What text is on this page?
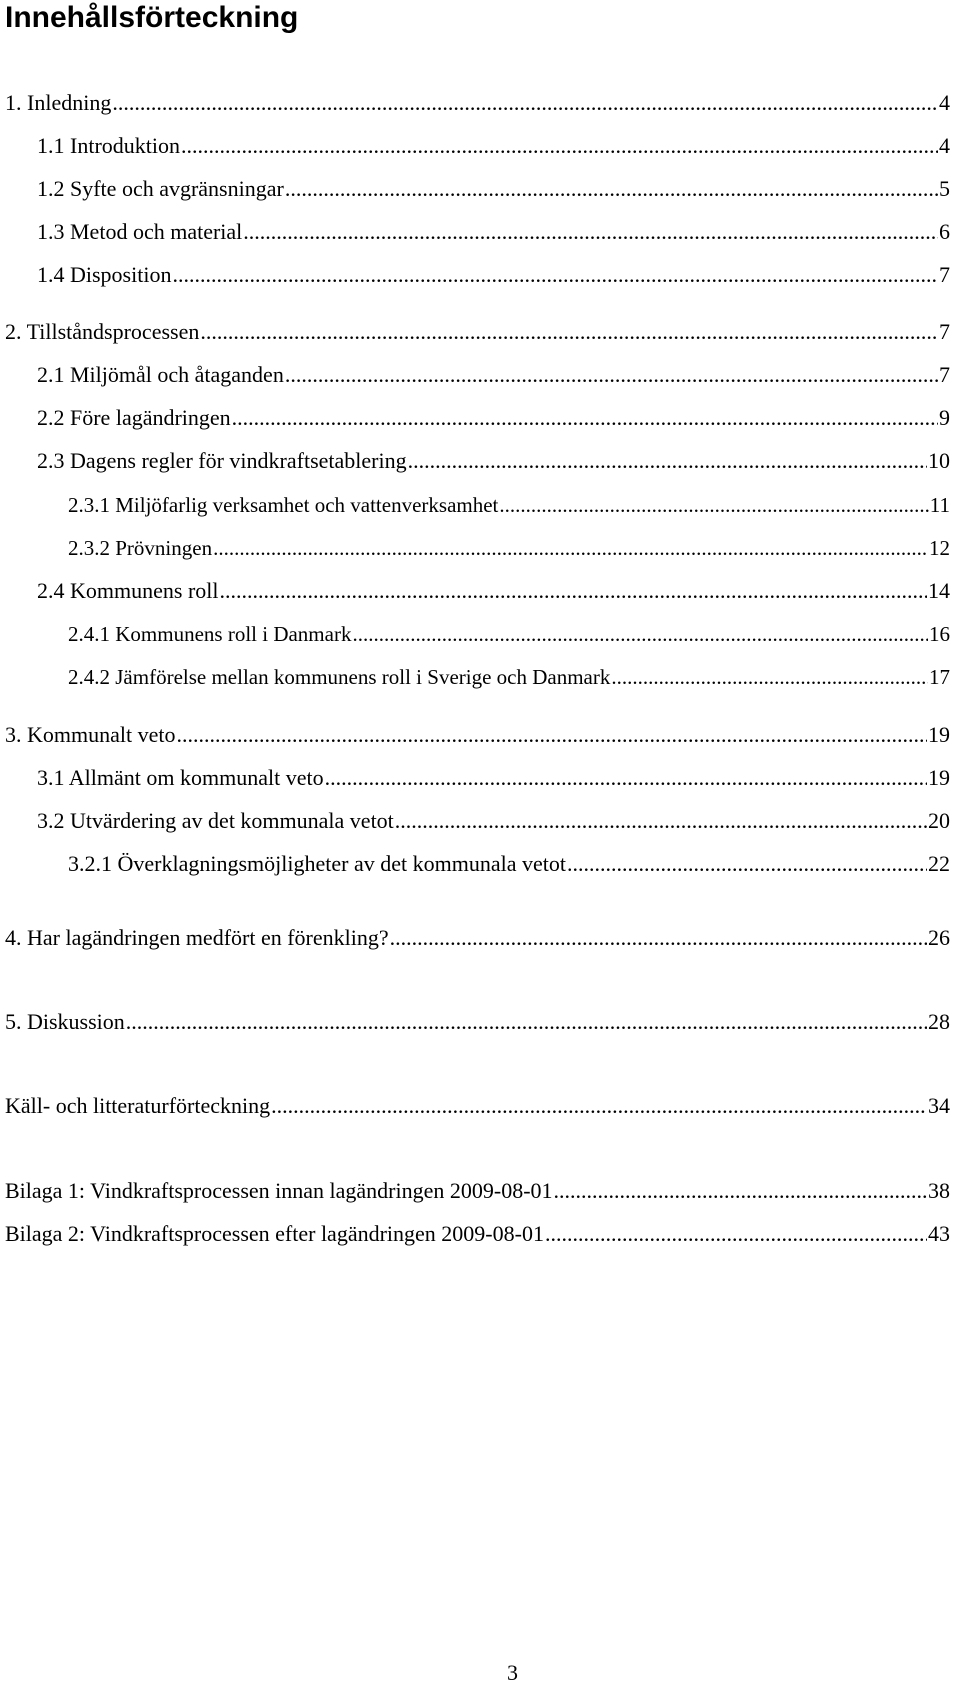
Innehållsförteckning
1. Inledning .....	4
1.1 Introduktion .....	4
1.2 Syfte och avgränsningar .....	5
1.3 Metod och material .....	6
1.4 Disposition .....	7
2. Tillståndsprocessen .....	7
2.1 Miljömål och åtaganden .....	7
2.2 Före lagändringen .....	9
2.3 Dagens regler för vindkraftsetablering .....	10
2.3.1 Miljöfarlig verksamhet och vattenverksamhet .....	11
2.3.2 Prövningen .....	12
2.4 Kommunens roll .....	14
2.4.1 Kommunens roll i Danmark .....	16
2.4.2 Jämförelse mellan kommunens roll i Sverige och Danmark .....	17
3. Kommunalt veto .....	19
3.1 Allmänt om kommunalt veto .....	19
3.2 Utvärdering av det kommunala vetot .....	20
3.2.1 Överklagningsmöjligheter av det kommunala vetot .....	22
4. Har lagändringen medfört en förenkling? .....	26
5. Diskussion .....	28
Käll- och litteraturförteckning .....	34
Bilaga 1: Vindkraftsprocessen innan lagändringen 2009-08-01 .....	38
Bilaga 2: Vindkraftsprocessen efter lagändringen 2009-08-01 .....	43
3
